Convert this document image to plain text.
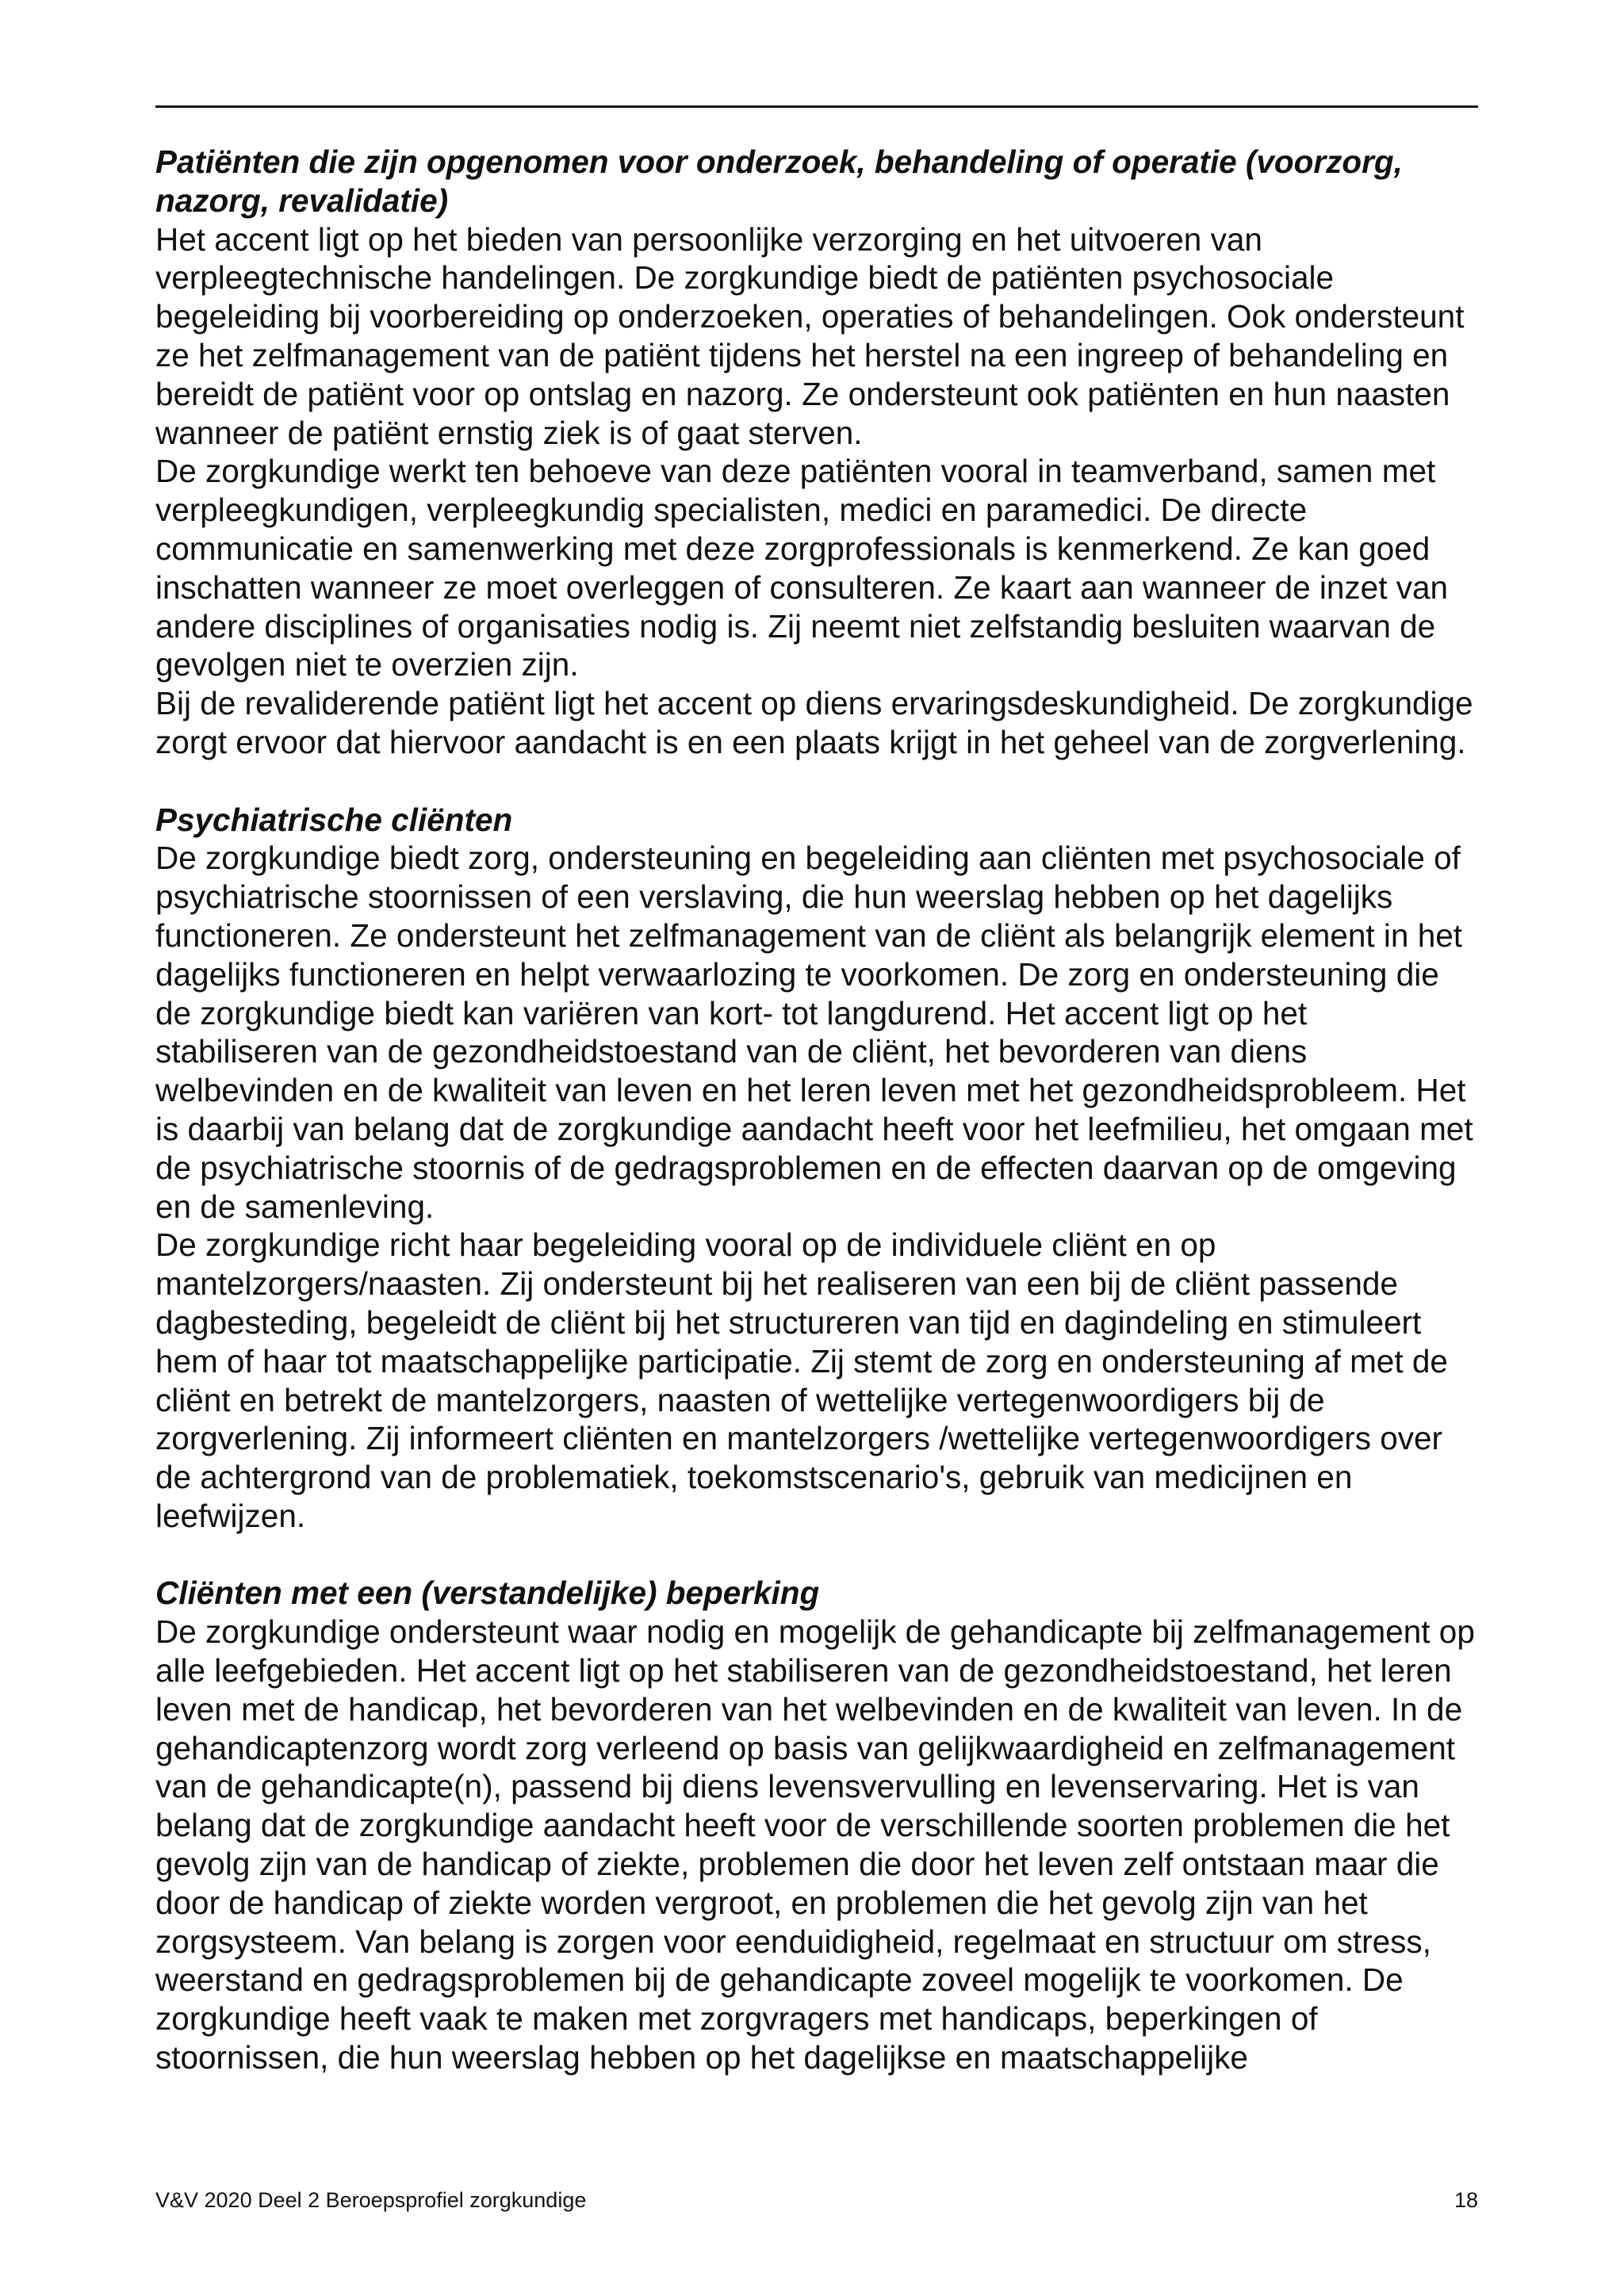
Patiënten die zijn opgenomen voor onderzoek, behandeling of operatie (voorzorg, nazorg, revalidatie)

Het accent ligt op het bieden van persoonlijke verzorging en het uitvoeren van verpleegtechnische handelingen. De zorgkundige biedt de patiënten psychosociale begeleiding bij voorbereiding op onderzoeken, operaties of behandelingen. Ook ondersteunt ze het zelfmanagement van de patiënt tijdens het herstel na een ingreep of behandeling en bereidt de patiënt voor op ontslag en nazorg. Ze ondersteunt ook patiënten en hun naasten wanneer de patiënt ernstig ziek is of gaat sterven.

De zorgkundige werkt ten behoeve van deze patiënten vooral in teamverband, samen met verpleegkundigen, verpleegkundig specialisten, medici en paramedici. De directe communicatie en samenwerking met deze zorgprofessionals is kenmerkend. Ze kan goed inschatten wanneer ze moet overleggen of consulteren. Ze kaart aan wanneer de inzet van andere disciplines of organisaties nodig is. Zij neemt niet zelfstandig besluiten waarvan de gevolgen niet te overzien zijn.

Bij de revaliderende patiënt ligt het accent op diens ervaringsdeskundigheid. De zorgkundige zorgt ervoor dat hiervoor aandacht is en een plaats krijgt in het geheel van de zorgverlening.

Psychiatrische cliënten

De zorgkundige biedt zorg, ondersteuning en begeleiding aan cliënten met psychosociale of psychiatrische stoornissen of een verslaving, die hun weerslag hebben op het dagelijks functioneren. Ze ondersteunt het zelfmanagement van de cliënt als belangrijk element in het dagelijks functioneren en helpt verwaarlozing te voorkomen. De zorg en ondersteuning die de zorgkundige biedt kan variëren van kort- tot langdurend. Het accent ligt op het stabiliseren van de gezondheidstoestand van de cliënt, het bevorderen van diens welbevinden en de kwaliteit van leven en het leren leven met het gezondheidsprobleem. Het is daarbij van belang dat de zorgkundige aandacht heeft voor het leefmilieu, het omgaan met de psychiatrische stoornis of de gedragsproblemen en de effecten daarvan op de omgeving en de samenleving.

De zorgkundige richt haar begeleiding vooral op de individuele cliënt en op mantelzorgers/naasten. Zij ondersteunt bij het realiseren van een bij de cliënt passende dagbesteding, begeleidt de cliënt bij het structureren van tijd en dagindeling en stimuleert hem of haar tot maatschappelijke participatie. Zij stemt de zorg en ondersteuning af met de cliënt en betrekt de mantelzorgers, naasten of wettelijke vertegenwoordigers bij de zorgverlening. Zij informeert cliënten en mantelzorgers /wettelijke vertegenwoordigers over de achtergrond van de problematiek, toekomstscenario's, gebruik van medicijnen en leefwijzen.

Cliënten met een (verstandelijke) beperking

De zorgkundige ondersteunt waar nodig en mogelijk de gehandicapte bij zelfmanagement op alle leefgebieden. Het accent ligt op het stabiliseren van de gezondheidstoestand, het leren leven met de handicap, het bevorderen van het welbevinden en de kwaliteit van leven. In de gehandicaptenzorg wordt zorg verleend op basis van gelijkwaardigheid en zelfmanagement van de gehandicapte(n), passend bij diens levensvervulling en levenservaring. Het is van belang dat de zorgkundige aandacht heeft voor de verschillende soorten problemen die het gevolg zijn van de handicap of ziekte, problemen die door het leven zelf ontstaan maar die door de handicap of ziekte worden vergroot, en problemen die het gevolg zijn van het zorgsysteem. Van belang is zorgen voor eenduidigheid, regelmaat en structuur om stress, weerstand en gedragsproblemen bij de gehandicapte zoveel mogelijk te voorkomen. De zorgkundige heeft vaak te maken met zorgvragers met handicaps, beperkingen of stoornissen, die hun weerslag hebben op het dagelijkse en maatschappelijke

V&V 2020 Deel 2 Beroepsprofiel zorgkundige	18
